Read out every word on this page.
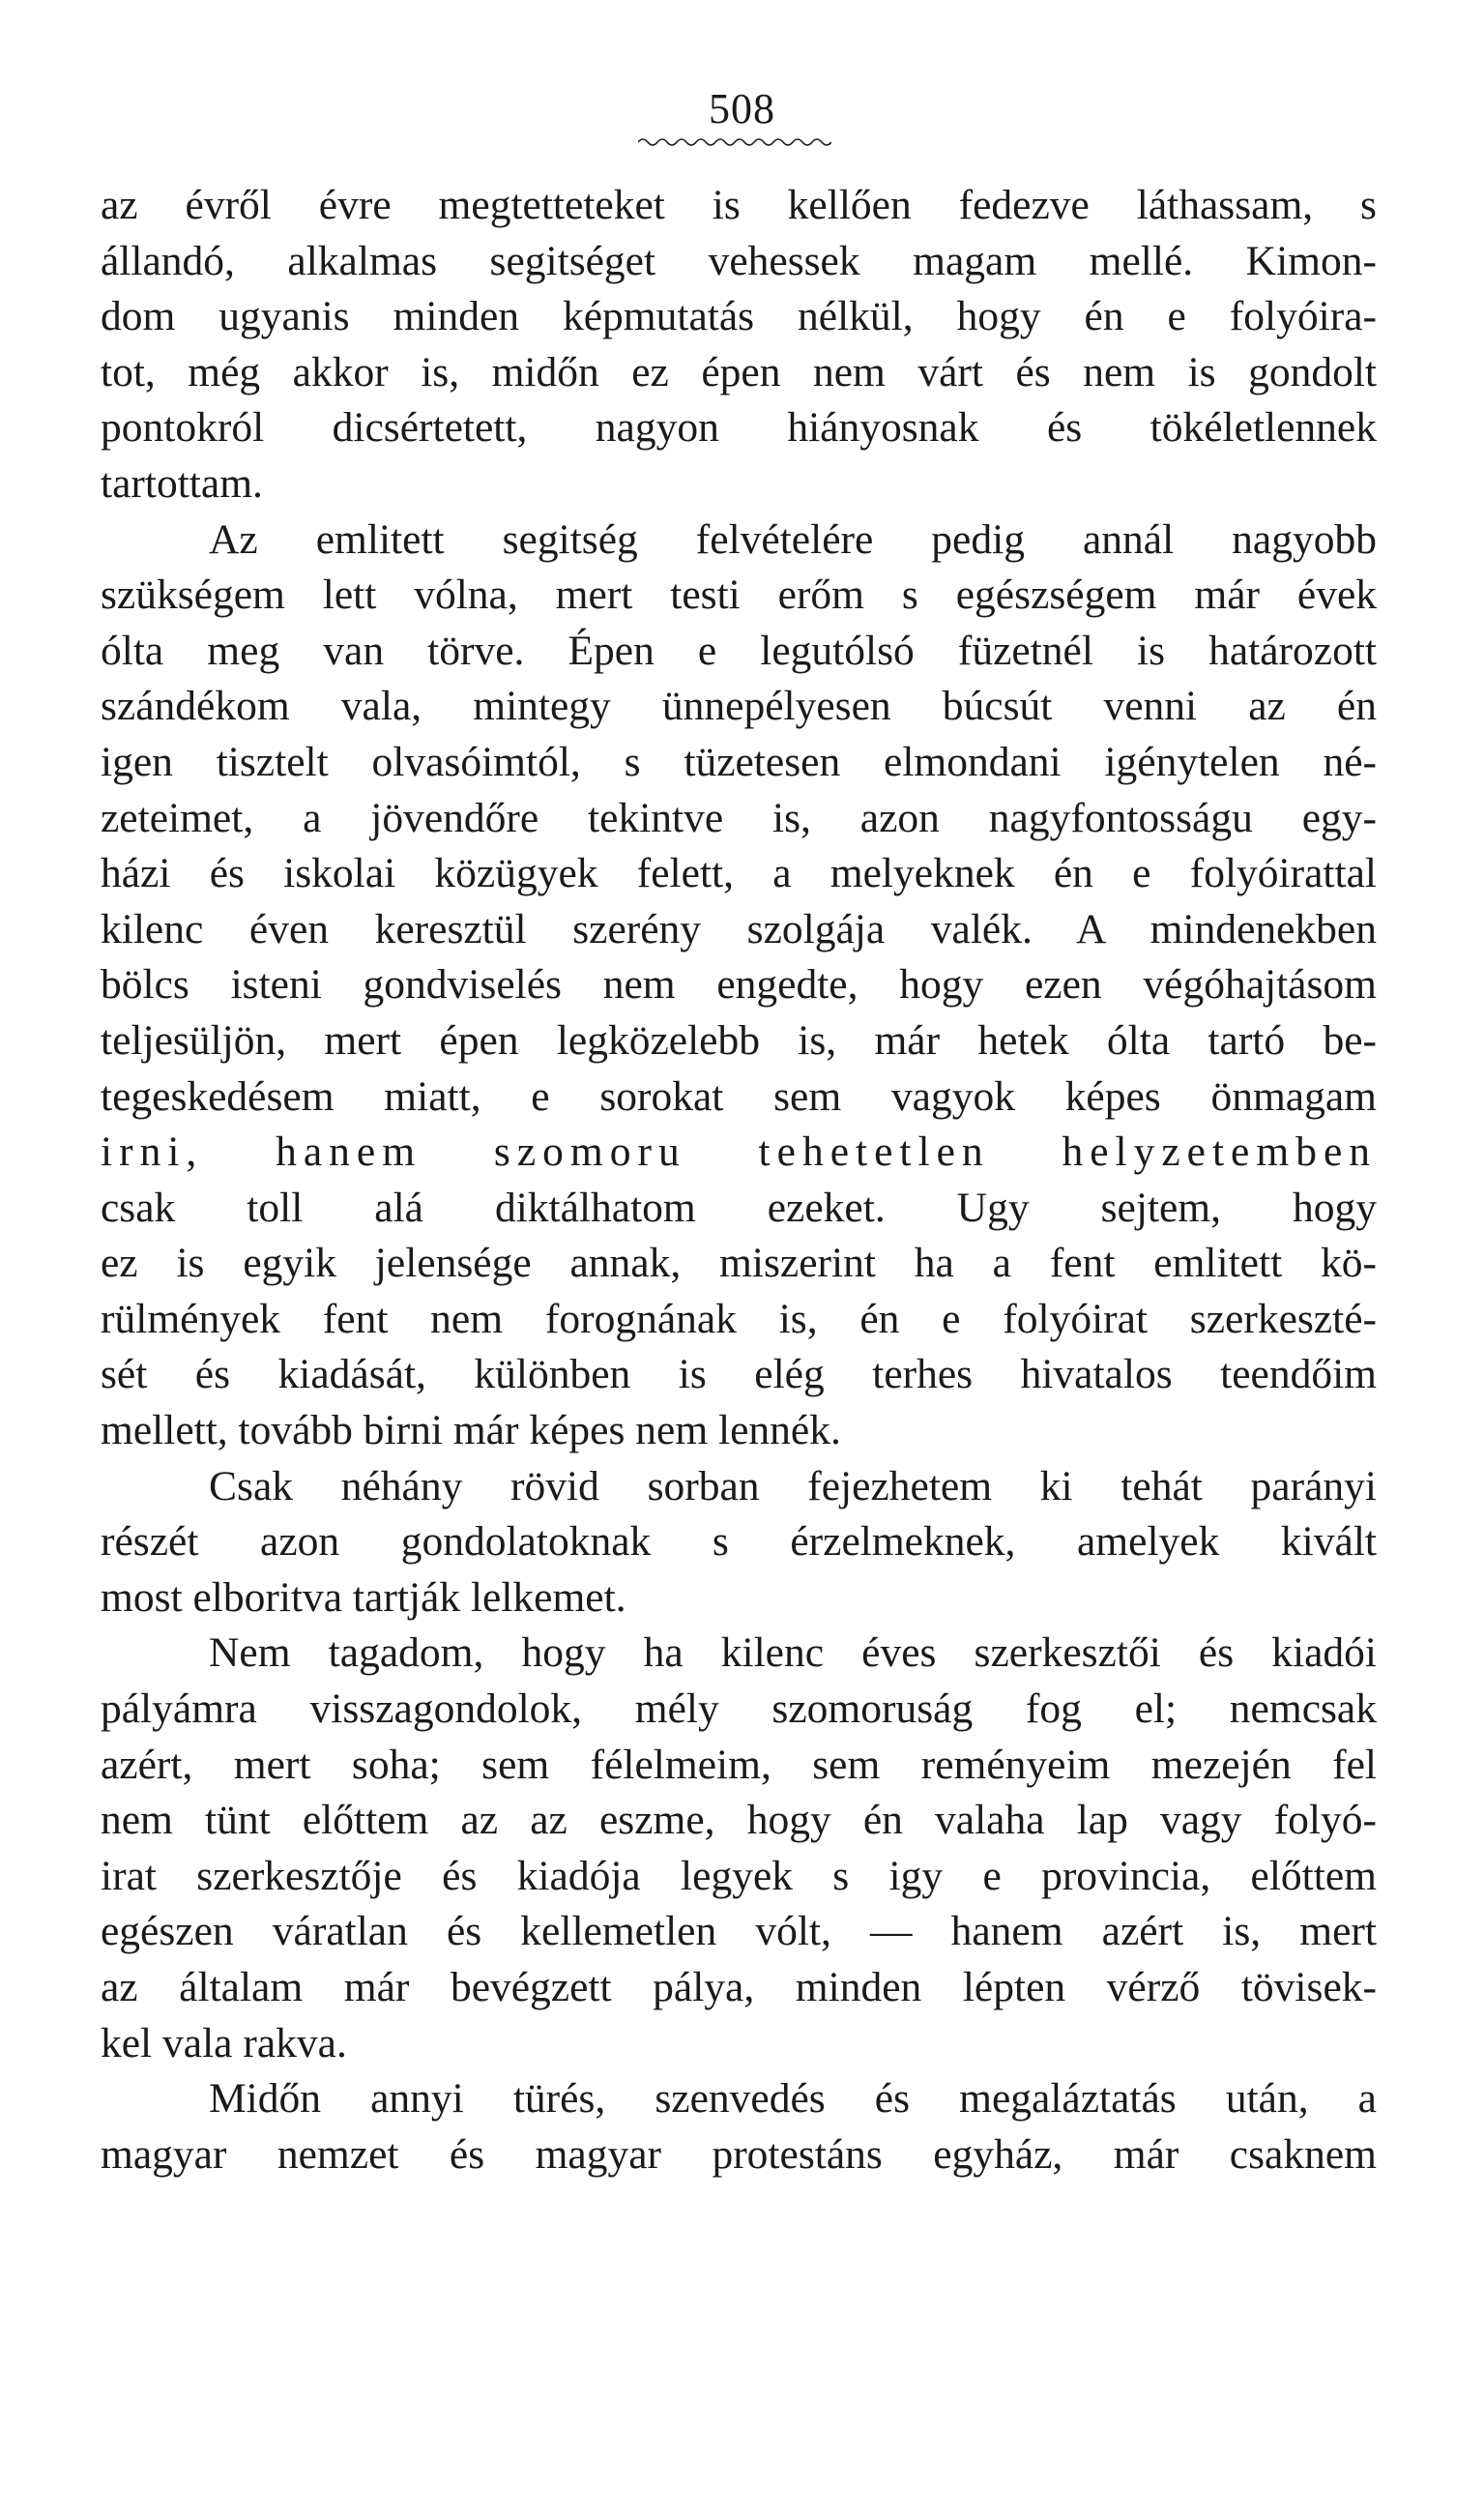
508
az évről évre megtetteteket is kellően fedezve láthassam, s
állandó, alkalmas segitséget vehessek magam mellé. Kimon-
dom ugyanis minden képmutatás nélkül, hogy én e folyóira-
tot, még akkor is, midőn ez épen nem várt és nem is gondolt
pontokról dicsértetett, nagyon hiányosnak és tökéletlennek
tartottam.
Az emlitett segitség felvételére pedig annál nagyobb
szükségem lett vólna, mert testi erőm s egészségem már évek
ólta meg van törve. Épen e legutólsó füzetnél is határozott
szándékom vala, mintegy ünnepélyesen búcsút venni az én
igen tisztelt olvasóimtól, s tüzetesen elmondani igénytelen né-
zeteimet, a jövendőre tekintve is, azon nagyfontosságu egy-
házi és iskolai közügyek felett, a melyeknek én e folyóirattal
kilenc éven keresztül szerény szolgája valék. A mindenekben
bölcs isteni gondviselés nem engedte, hogy ezen végóhajtásom
teljesüljön, mert épen legközelebb is, már hetek ólta tartó be-
tegeskedésem miatt, e sorokat sem vagyok képes önmagam
irni, hanem szomoru tehetetlen helyzetemben
csak toll alá diktálhatom ezeket. Ugy sejtem, hogy
ez is egyik jelensége annak, miszerint ha a fent emlitett kö-
rülmények fent nem forognának is, én e folyóirat szerkeszté-
sét és kiadását, különben is elég terhes hivatalos teendőim
mellett, tovább birni már képes nem lennék.
Csak néhány rövid sorban fejezhetem ki tehát parányi
részét azon gondolatoknak s érzelmeknek, amelyek kivált
most elboritva tartják lelkemet.
Nem tagadom, hogy ha kilenc éves szerkesztői és kiadói
pályámra visszagondolok, mély szomoruság fog el; nemcsak
azért, mert soha; sem félelmeim, sem reményeim mezején fel
nem tünt előttem az az eszme, hogy én valaha lap vagy folyó-
irat szerkesztője és kiadója legyek s igy e provincia, előttem
egészen váratlan és kellemetlen vólt, — hanem azért is, mert
az általam már bevégzett pálya, minden lépten vérző tövisek-
kel vala rakva.
Midőn annyi türés, szenvedés és megaláztatás után, a
magyar nemzet és magyar protestáns egyház, már csaknem
